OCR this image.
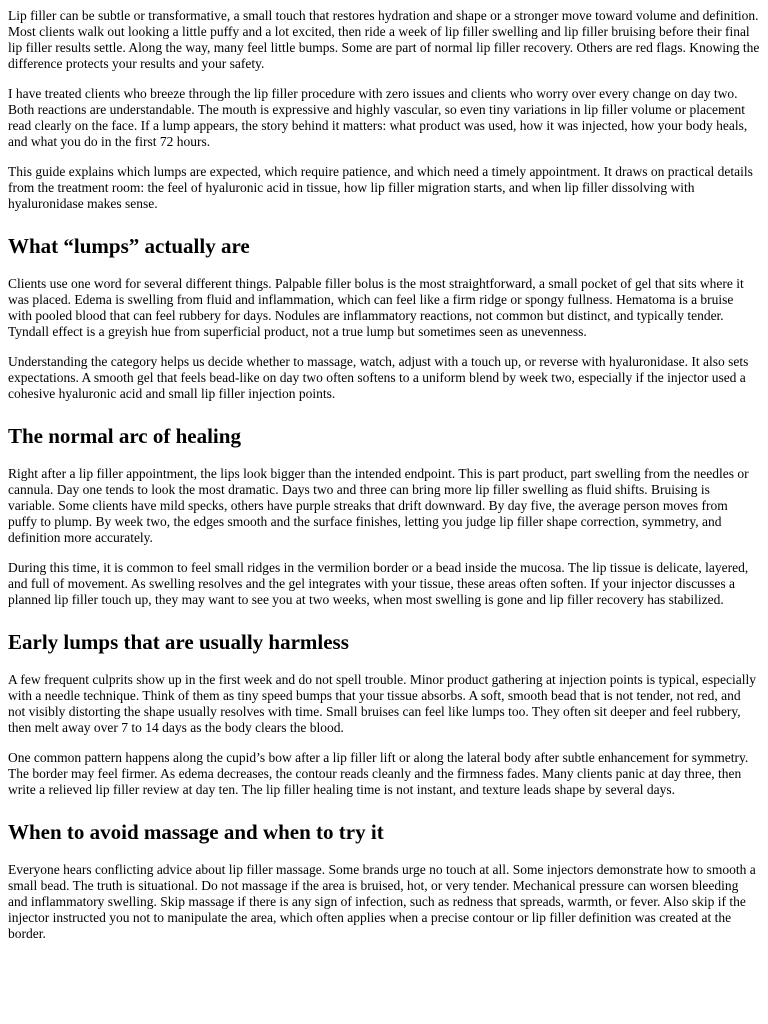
Lip filler can be subtle or transformative, a small touch that restores hydration and shape or a stronger move toward volume and definition. Most clients walk out looking a little puffy and a lot excited, then ride a week of lip filler swelling and lip filler bruising before their final lip filler results settle. Along the way, many feel little bumps. Some are part of normal lip filler recovery. Others are red flags. Knowing the difference protects your results and your safety.

I have treated clients who breeze through the lip filler procedure with zero issues and clients who worry over every change on day two. Both reactions are understandable. The mouth is expressive and highly vascular, so even tiny variations in lip filler volume or placement read clearly on the face. If a lump appears, the story behind it matters: what product was used, how it was injected, how your body heals, and what you do in the first 72 hours.

This guide explains which lumps are expected, which require patience, and which need a timely appointment. It draws on practical details from the treatment room: the feel of hyaluronic acid in tissue, how lip filler migration starts, and when lip filler dissolving with hyaluronidase makes sense.

What “lumps” actually are

Clients use one word for several different things. Palpable filler bolus is the most straightforward, a small pocket of gel that sits where it was placed. Edema is swelling from fluid and inflammation, which can feel like a firm ridge or spongy fullness. Hematoma is a bruise with pooled blood that can feel rubbery for days. Nodules are inflammatory reactions, not common but distinct, and typically tender. Tyndall effect is a greyish hue from superficial product, not a true lump but sometimes seen as unevenness.

Understanding the category helps us decide whether to massage, watch, adjust with a touch up, or reverse with hyaluronidase. It also sets expectations. A smooth gel that feels bead-like on day two often softens to a uniform blend by week two, especially if the injector used a cohesive hyaluronic acid and small lip filler injection points.

The normal arc of healing

Right after a lip filler appointment, the lips look bigger than the intended endpoint. This is part product, part swelling from the needles or cannula. Day one tends to look the most dramatic. Days two and three can bring more lip filler swelling as fluid shifts. Bruising is variable. Some clients have mild specks, others have purple streaks that drift downward. By day five, the average person moves from puffy to plump. By week two, the edges smooth and the surface finishes, letting you judge lip filler shape correction, symmetry, and definition more accurately.

During this time, it is common to feel small ridges in the vermilion border or a bead inside the mucosa. The lip tissue is delicate, layered, and full of movement. As swelling resolves and the gel integrates with your tissue, these areas often soften. If your injector discusses a planned lip filler touch up, they may want to see you at two weeks, when most swelling is gone and lip filler recovery has stabilized.

Early lumps that are usually harmless

A few frequent culprits show up in the first week and do not spell trouble. Minor product gathering at injection points is typical, especially with a needle technique. Think of them as tiny speed bumps that your tissue absorbs. A soft, smooth bead that is not tender, not red, and not visibly distorting the shape usually resolves with time. Small bruises can feel like lumps too. They often sit deeper and feel rubbery, then melt away over 7 to 14 days as the body clears the blood.

One common pattern happens along the cupid’s bow after a lip filler lift or along the lateral body after subtle enhancement for symmetry. The border may feel firmer. As edema decreases, the contour reads cleanly and the firmness fades. Many clients panic at day three, then write a relieved lip filler review at day ten. The lip filler healing time is not instant, and texture leads shape by several days.

When to avoid massage and when to try it

Everyone hears conflicting advice about lip filler massage. Some brands urge no touch at all. Some injectors demonstrate how to smooth a small bead. The truth is situational. Do not massage if the area is bruised, hot, or very tender. Mechanical pressure can worsen bleeding and inflammatory swelling. Skip massage if there is any sign of infection, such as redness that spreads, warmth, or fever. Also skip if the injector instructed you not to manipulate the area, which often applies when a precise contour or lip filler definition was created at the border.
